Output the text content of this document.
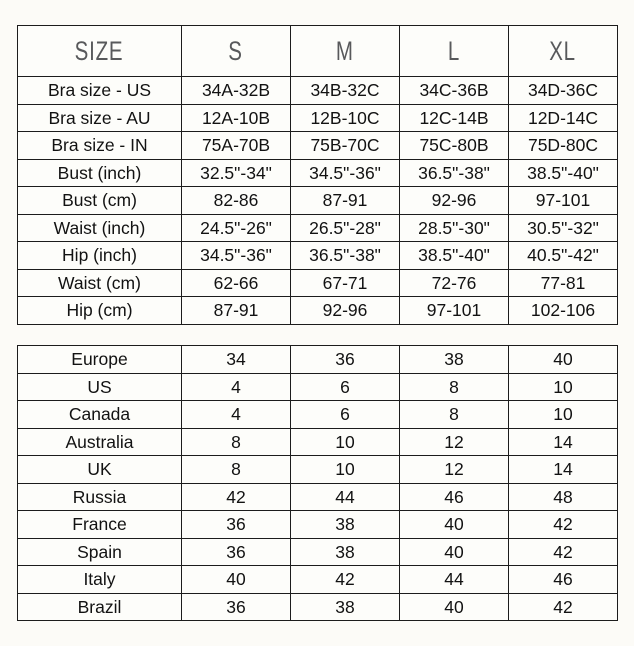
SIZE	S	M	L	XL
Bra size - US	34A-32B	34B-32C	34C-36B	34D-36C
Bra size - AU	12A-10B	12B-10C	12C-14B	12D-14C
Bra size - IN	75A-70B	75B-70C	75C-80B	75D-80C
Bust (inch)	32.5"-34"	34.5"-36"	36.5"-38"	38.5"-40"
Bust (cm)	82-86	87-91	92-96	97-101
Waist (inch)	24.5"-26"	26.5"-28"	28.5"-30"	30.5"-32"
Hip (inch)	34.5"-36"	36.5"-38"	38.5"-40"	40.5"-42"
Waist (cm)	62-66	67-71	72-76	77-81
Hip (cm)	87-91	92-96	97-101	102-106
Europe	34	36	38	40
US	4	6	8	10
Canada	4	6	8	10
Australia	8	10	12	14
UK	8	10	12	14
Russia	42	44	46	48
France	36	38	40	42
Spain	36	38	40	42
Italy	40	42	44	46
Brazil	36	38	40	42
